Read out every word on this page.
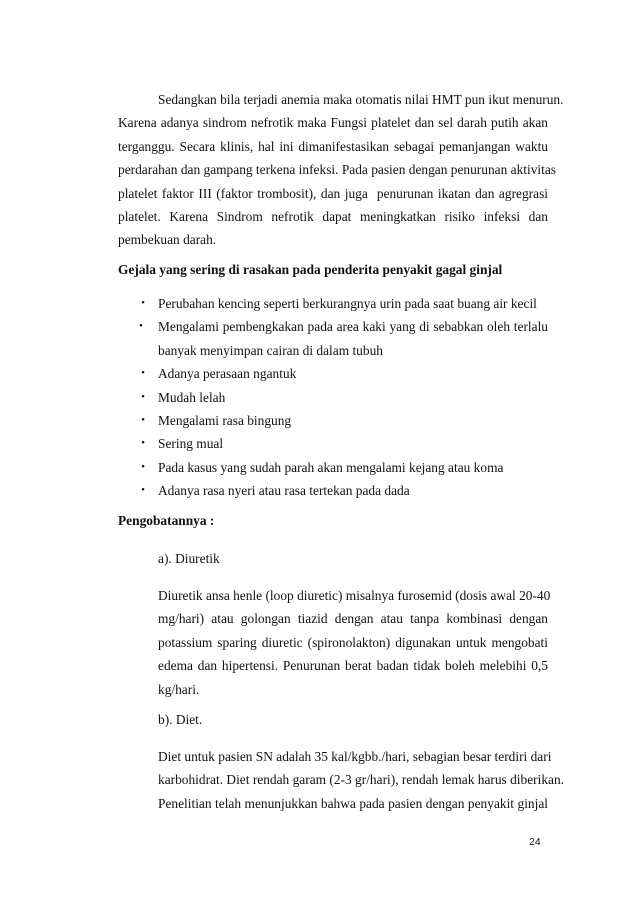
Sedangkan bila terjadi anemia maka otomatis nilai HMT pun ikut menurun.
Karena adanya sindrom nefrotik maka Fungsi platelet dan sel darah putih akan
terganggu. Secara klinis, hal ini dimanifestasikan sebagai pemanjangan waktu
perdarahan dan gampang terkena infeksi. Pada pasien dengan penurunan aktivitas
platelet faktor III (faktor trombosit), dan juga  penurunan ikatan dan agregrasi
platelet. Karena Sindrom nefrotik dapat meningkatkan risiko infeksi dan
pembekuan darah.
Gejala yang sering di rasakan pada penderita penyakit gagal ginjal
• Perubahan kencing seperti berkurangnya urin pada saat buang air kecil
•	Mengalami pembengkakan pada area kaki yang di sebabkan oleh terlalu
banyak menyimpan cairan di dalam tubuh
• Adanya perasaan ngantuk
• Mudah lelah
• Mengalami rasa bingung
• Sering mual
• Pada kasus yang sudah parah akan mengalami kejang atau koma
• Adanya rasa nyeri atau rasa tertekan pada dada
Pengobatannya :
a). Diuretik
Diuretik ansa henle (loop diuretic) misalnya furosemid (dosis awal 20-40
mg/hari) atau golongan tiazid dengan atau tanpa kombinasi dengan
potassium sparing diuretic (spironolakton) digunakan untuk mengobati
edema dan hipertensi. Penurunan berat badan tidak boleh melebihi 0,5
kg/hari.
b). Diet.
Diet untuk pasien SN adalah 35 kal/kgbb./hari, sebagian besar terdiri dari
karbohidrat. Diet rendah garam (2-3 gr/hari), rendah lemak harus diberikan.
Penelitian telah menunjukkan bahwa pada pasien dengan penyakit ginjal
24
